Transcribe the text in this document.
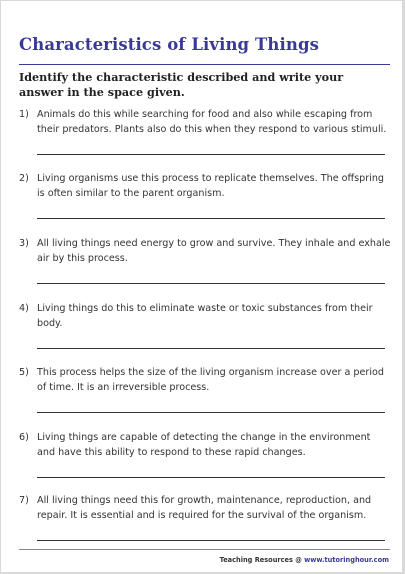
Characteristics of Living Things
Identify the characteristic described and write your answer in the space given.
1) Animals do this while searching for food and also while escaping from their predators. Plants also do this when they respond to various stimuli.
2) Living organisms use this process to replicate themselves. The offspring is often similar to the parent organism.
3) All living things need energy to grow and survive. They inhale and exhale air by this process.
4) Living things do this to eliminate waste or toxic substances from their body.
5) This process helps the size of the living organism increase over a period of time. It is an irreversible process.
6) Living things are capable of detecting the change in the environment and have this ability to respond to these rapid changes.
7) All living things need this for growth, maintenance, reproduction, and repair. It is essential and is required for the survival of the organism.
Teaching Resources @ www.tutoringhour.com
